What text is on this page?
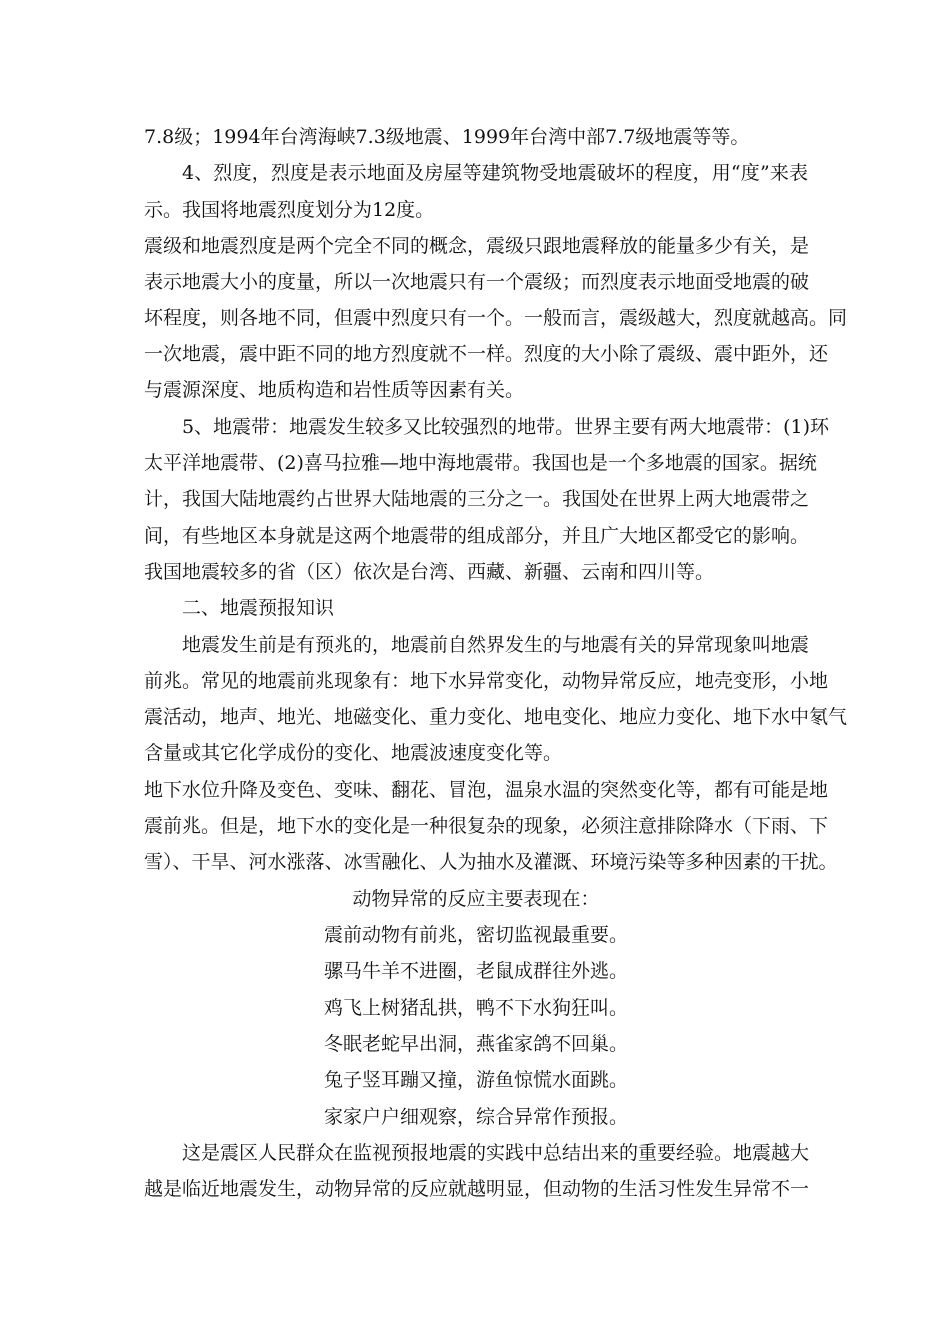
7.8级；1994年台湾海峡7.3级地震、1999年台湾中部7.7级地震等等。
4、烈度，烈度是表示地面及房屋等建筑物受地震破坏的程度，用“度”来表
示。我国将地震烈度划分为12度。
震级和地震烈度是两个完全不同的概念，震级只跟地震释放的能量多少有关，是
表示地震大小的度量，所以一次地震只有一个震级；而烈度表示地面受地震的破
坏程度，则各地不同，但震中烈度只有一个。一般而言，震级越大，烈度就越高。同
一次地震，震中距不同的地方烈度就不一样。烈度的大小除了震级、震中距外，还
与震源深度、地质构造和岩性质等因素有关。
5、地震带：地震发生较多又比较强烈的地带。世界主要有两大地震带：(1)环
太平洋地震带、(2)喜马拉雅—地中海地震带。我国也是一个多地震的国家。据统
计，我国大陆地震约占世界大陆地震的三分之一。我国处在世界上两大地震带之
间，有些地区本身就是这两个地震带的组成部分，并且广大地区都受它的影响。
我国地震较多的省（区）依次是台湾、西藏、新疆、云南和四川等。
二、地震预报知识
地震发生前是有预兆的，地震前自然界发生的与地震有关的异常现象叫地震
前兆。常见的地震前兆现象有：地下水异常变化，动物异常反应，地壳变形，小地
震活动，地声、地光、地磁变化、重力变化、地电变化、地应力变化、地下水中氡气
含量或其它化学成份的变化、地震波速度变化等。
地下水位升降及变色、变味、翻花、冒泡，温泉水温的突然变化等，都有可能是地
震前兆。但是，地下水的变化是一种很复杂的现象，必须注意排除降水（下雨、下
雪）、干旱、河水涨落、冰雪融化、人为抽水及灌溉、环境污染等多种因素的干扰。
动物异常的反应主要表现在：
震前动物有前兆，密切监视最重要。
骡马牛羊不进圈，老鼠成群往外逃。
鸡飞上树猪乱拱，鸭不下水狗狂叫。
冬眠老蛇早出洞，燕雀家鸽不回巢。
兔子竖耳蹦又撞，游鱼惊慌水面跳。
家家户户细观察，综合异常作预报。
这是震区人民群众在监视预报地震的实践中总结出来的重要经验。地震越大
越是临近地震发生，动物异常的反应就越明显，但动物的生活习性发生异常不一
